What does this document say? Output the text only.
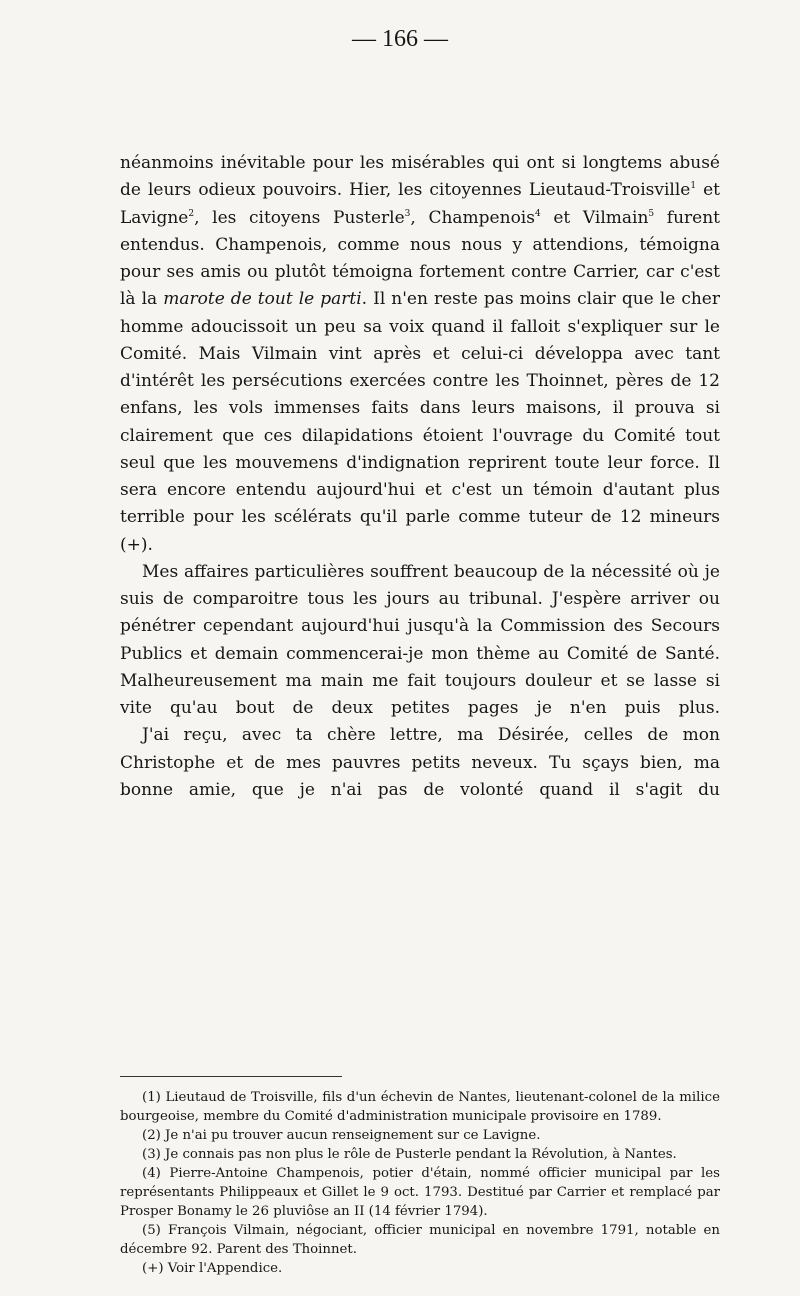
— 166 —

néanmoins inévitable pour les misérables qui ont si longtems abusé de leurs odieux pouvoirs. Hier, les citoyennes Lieutaud-Troisville$^1$ et Lavigne$^2$, les citoyens Pusterle$^3$, Champenois$^4$ et Vilmain$^5$ furent entendus. Champenois, comme nous nous y attendions, témoigna pour ses amis ou plutôt témoigna fortement contre Carrier, car c'est là la marote de tout le parti. Il n'en reste pas moins clair que le cher homme adoucissoit un peu sa voix quand il falloit s'expliquer sur le Comité. Mais Vilmain vint après et celui-ci développa avec tant d'intérêt les persécutions exercées contre les Thoinnet, pères de 12 enfans, les vols immenses faits dans leurs maisons, il prouva si clairement que ces dilapidations étoient l'ouvrage du Comité tout seul que les mouvemens d'indignation reprirent toute leur force. Il sera encore entendu aujourd'hui et c'est un témoin d'autant plus terrible pour les scélérats qu'il parle comme tuteur de 12 mineurs (+).

Mes affaires particulières souffrent beaucoup de la nécessité où je suis de comparoitre tous les jours au tribunal. J'espère arriver ou pénétrer cependant aujourd'hui jusqu'à la Commission des Secours Publics et demain commencerai-je mon thème au Comité de Santé. Malheureusement ma main me fait toujours douleur et se lasse si vite qu'au bout de deux petites pages je n'en puis plus.

J'ai reçu, avec ta chère lettre, ma Désirée, celles de mon Christophe et de mes pauvres petits neveux. Tu sçays bien, ma bonne amie, que je n'ai pas de volonté quand il s'agit du

(1) Lieutaud de Troisville, fils d'un échevin de Nantes, lieutenant-colonel de la milice bourgeoise, membre du Comité d'administration municipale provisoire en 1789.

(2) Je n'ai pu trouver aucun renseignement sur ce Lavigne.

(3) Je connais pas non plus le rôle de Pusterle pendant la Révolution, à Nantes.

(4) Pierre-Antoine Champenois, potier d'étain, nommé officier municipal par les représentants Philippeaux et Gillet le 9 oct. 1793. Destitué par Carrier et remplacé par Prosper Bonamy le 26 pluviôse an II (14 février 1794).

(5) François Vilmain, négociant, officier municipal en novembre 1791, notable en décembre 92. Parent des Thoinnet.

(+) Voir l'Appendice.
